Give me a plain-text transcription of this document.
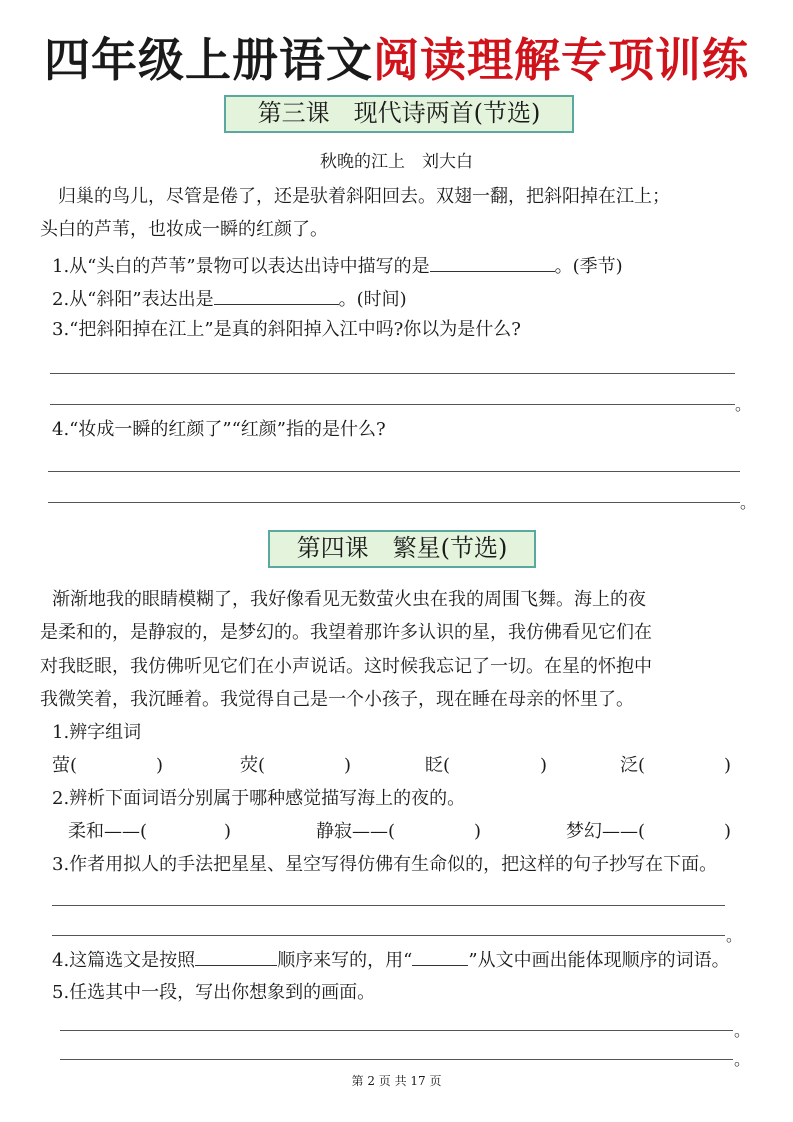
四年级上册语文阅读理解专项训练
第三课　现代诗两首(节选)
秋晚的江上　刘大白
归巢的鸟儿，尽管是倦了，还是驮着斜阳回去。双翅一翻，把斜阳掉在江上；
头白的芦苇，也妆成一瞬的红颜了。
1.从“头白的芦苇”景物可以表达出诗中描写的是	。(季节)
2.从“斜阳”表达出是	。(时间)
3.“把斜阳掉在江上”是真的斜阳掉入江中吗?你以为是什么?
。
4.“妆成一瞬的红颜了”“红颜”指的是什么?
。
第四课　繁星(节选)
渐渐地我的眼睛模糊了，我好像看见无数萤火虫在我的周围飞舞。海上的夜
是柔和的，是静寂的，是梦幻的。我望着那许多认识的星，我仿佛看见它们在
对我眨眼，我仿佛听见它们在小声说话。这时候我忘记了一切。在星的怀抱中
我微笑着，我沉睡着。我觉得自己是一个小孩子，现在睡在母亲的怀里了。
1.辨字组词
萤(	)	荧(	)	眨(	)	泛(	)
2.辨析下面词语分别属于哪种感觉描写海上的夜的。
柔和——(	)	静寂——(	)	梦幻——(	)
3.作者用拟人的手法把星星、星空写得仿佛有生命似的，把这样的句子抄写在下面。
。
4.这篇选文是按照	顺序来写的，用“	”从文中画出能体现顺序的词语。
5.任选其中一段，写出你想象到的画面。
。
。
第 2 页 共 17 页
